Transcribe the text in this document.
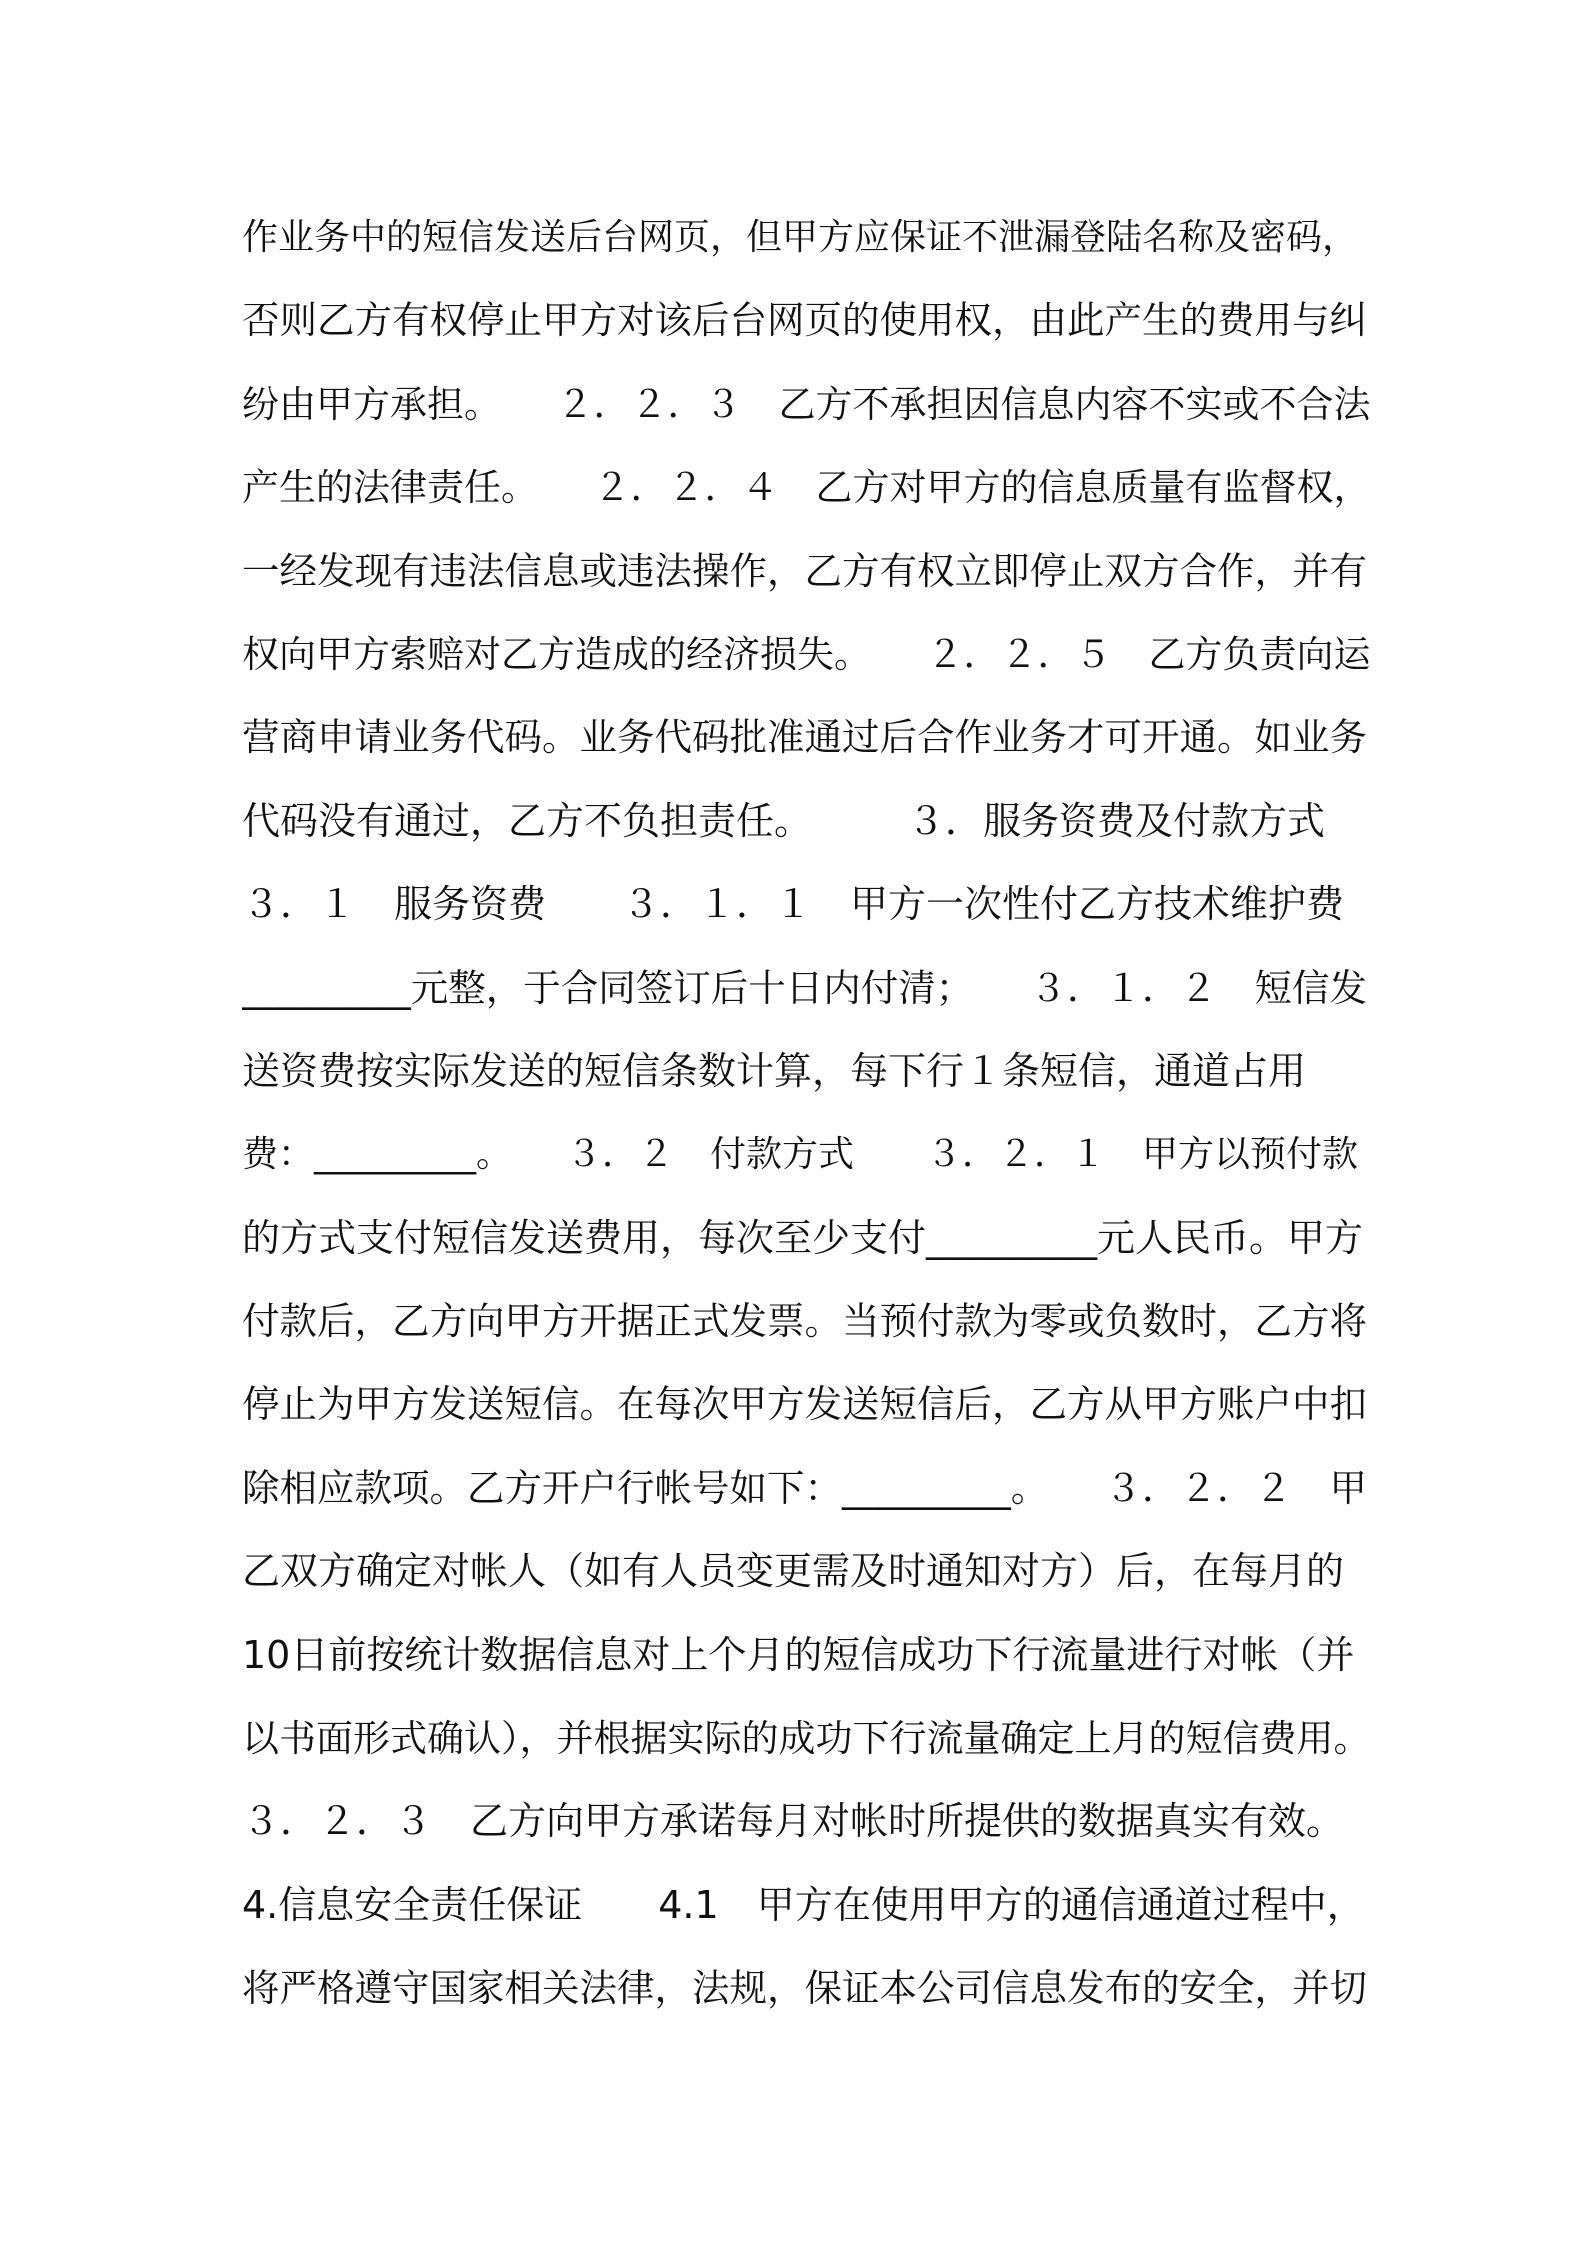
作业务中的短信发送后台网页，但甲方应保证不泄漏登陆名称及密码，
否则乙方有权停止甲方对该后台网页的使用权，由此产生的费用与纠
纷由甲方承担。　　２．２．３　乙方不承担因信息内容不实或不合法
产生的法律责任。　　２．２．４　乙方对甲方的信息质量有监督权，
一经发现有违法信息或违法操作，乙方有权立即停止双方合作，并有
权向甲方索赔对乙方造成的经济损失。　　２．２．５　乙方负责向运
营商申请业务代码。业务代码批准通过后合作业务才可开通。如业务
代码没有通过，乙方不负担责任。　　　３．服务资费及付款方式
３．１　服务资费　　３．１．１　甲方一次性付乙方技术维护费
_________元整，于合同签订后十日内付清；　　３．１．２　短信发
送资费按实际发送的短信条数计算，每下行１条短信，通道占用
费：_________。　　３．２　付款方式　　３．２．１　甲方以预付款
的方式支付短信发送费用，每次至少支付_________元人民币。甲方
付款后，乙方向甲方开据正式发票。当预付款为零或负数时，乙方将
停止为甲方发送短信。在每次甲方发送短信后，乙方从甲方账户中扣
除相应款项。乙方开户行帐号如下：_________。　　３．２．２　甲
乙双方确定对帐人（如有人员变更需及时通知对方）后，在每月的
10日前按统计数据信息对上个月的短信成功下行流量进行对帐（并
以书面形式确认），并根据实际的成功下行流量确定上月的短信费用。
３．２．３　乙方向甲方承诺每月对帐时所提供的数据真实有效。
4.信息安全责任保证　　4.1　甲方在使用甲方的通信通道过程中，
将严格遵守国家相关法律，法规，保证本公司信息发布的安全，并切
